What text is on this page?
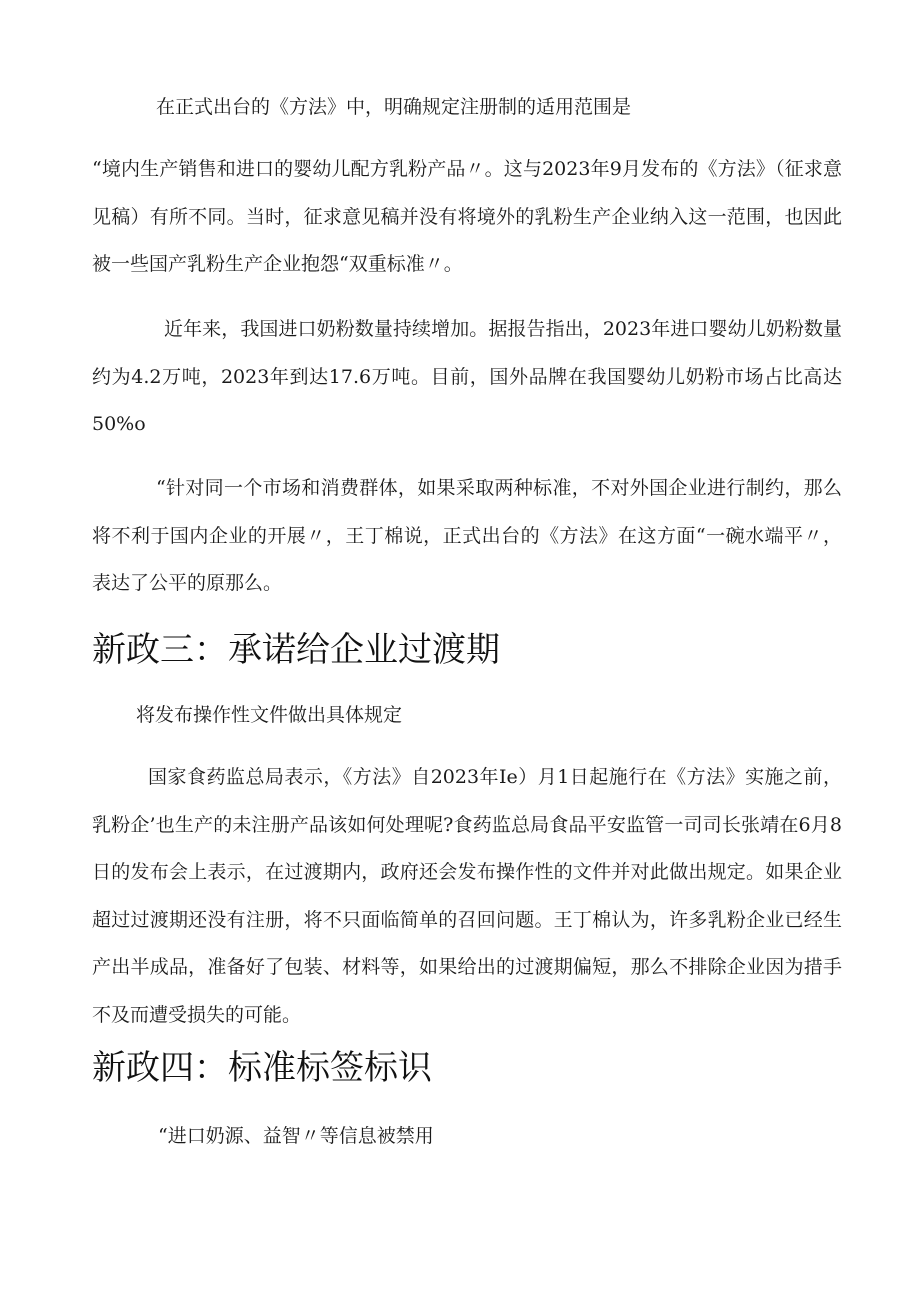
在正式出台的《方法》中，明确规定注册制的适用范围是

“境内生产销售和进口的婴幼儿配方乳粉产品〃。这与2023年9月发布的《方法》（征求意见稿）有所不同。当时，征求意见稿并没有将境外的乳粉生产企业纳入这一范围，也因此被一些国产乳粉生产企业抱怨“双重标准〃。

近年来，我国进口奶粉数量持续增加。据报告指出，2023年进口婴幼儿奶粉数量约为4.2万吨，2023年到达17.6万吨。目前，国外品牌在我国婴幼儿奶粉市场占比高达50%o

“针对同一个市场和消费群体，如果采取两种标准，不对外国企业进行制约，那么将不利于国内企业的开展〃，王丁棉说，正式出台的《方法》在这方面“一碗水端平〃，表达了公平的原那么。

新政三：承诺给企业过渡期

将发布操作性文件做出具体规定

国家食药监总局表示，《方法》自2023年Ie）月1日起施行在《方法》实施之前，乳粉企’也生产的未注册产品该如何处理呢?食药监总局食品平安监管一司司长张靖在6月8日的发布会上表示，在过渡期内，政府还会发布操作性的文件并对此做出规定。如果企业超过过渡期还没有注册，将不只面临简单的召回问题。王丁棉认为，许多乳粉企业已经生产出半成品，准备好了包装、材料等，如果给出的过渡期偏短，那么不排除企业因为措手不及而遭受损失的可能。

新政四：标准标签标识

“进口奶源、益智〃等信息被禁用
